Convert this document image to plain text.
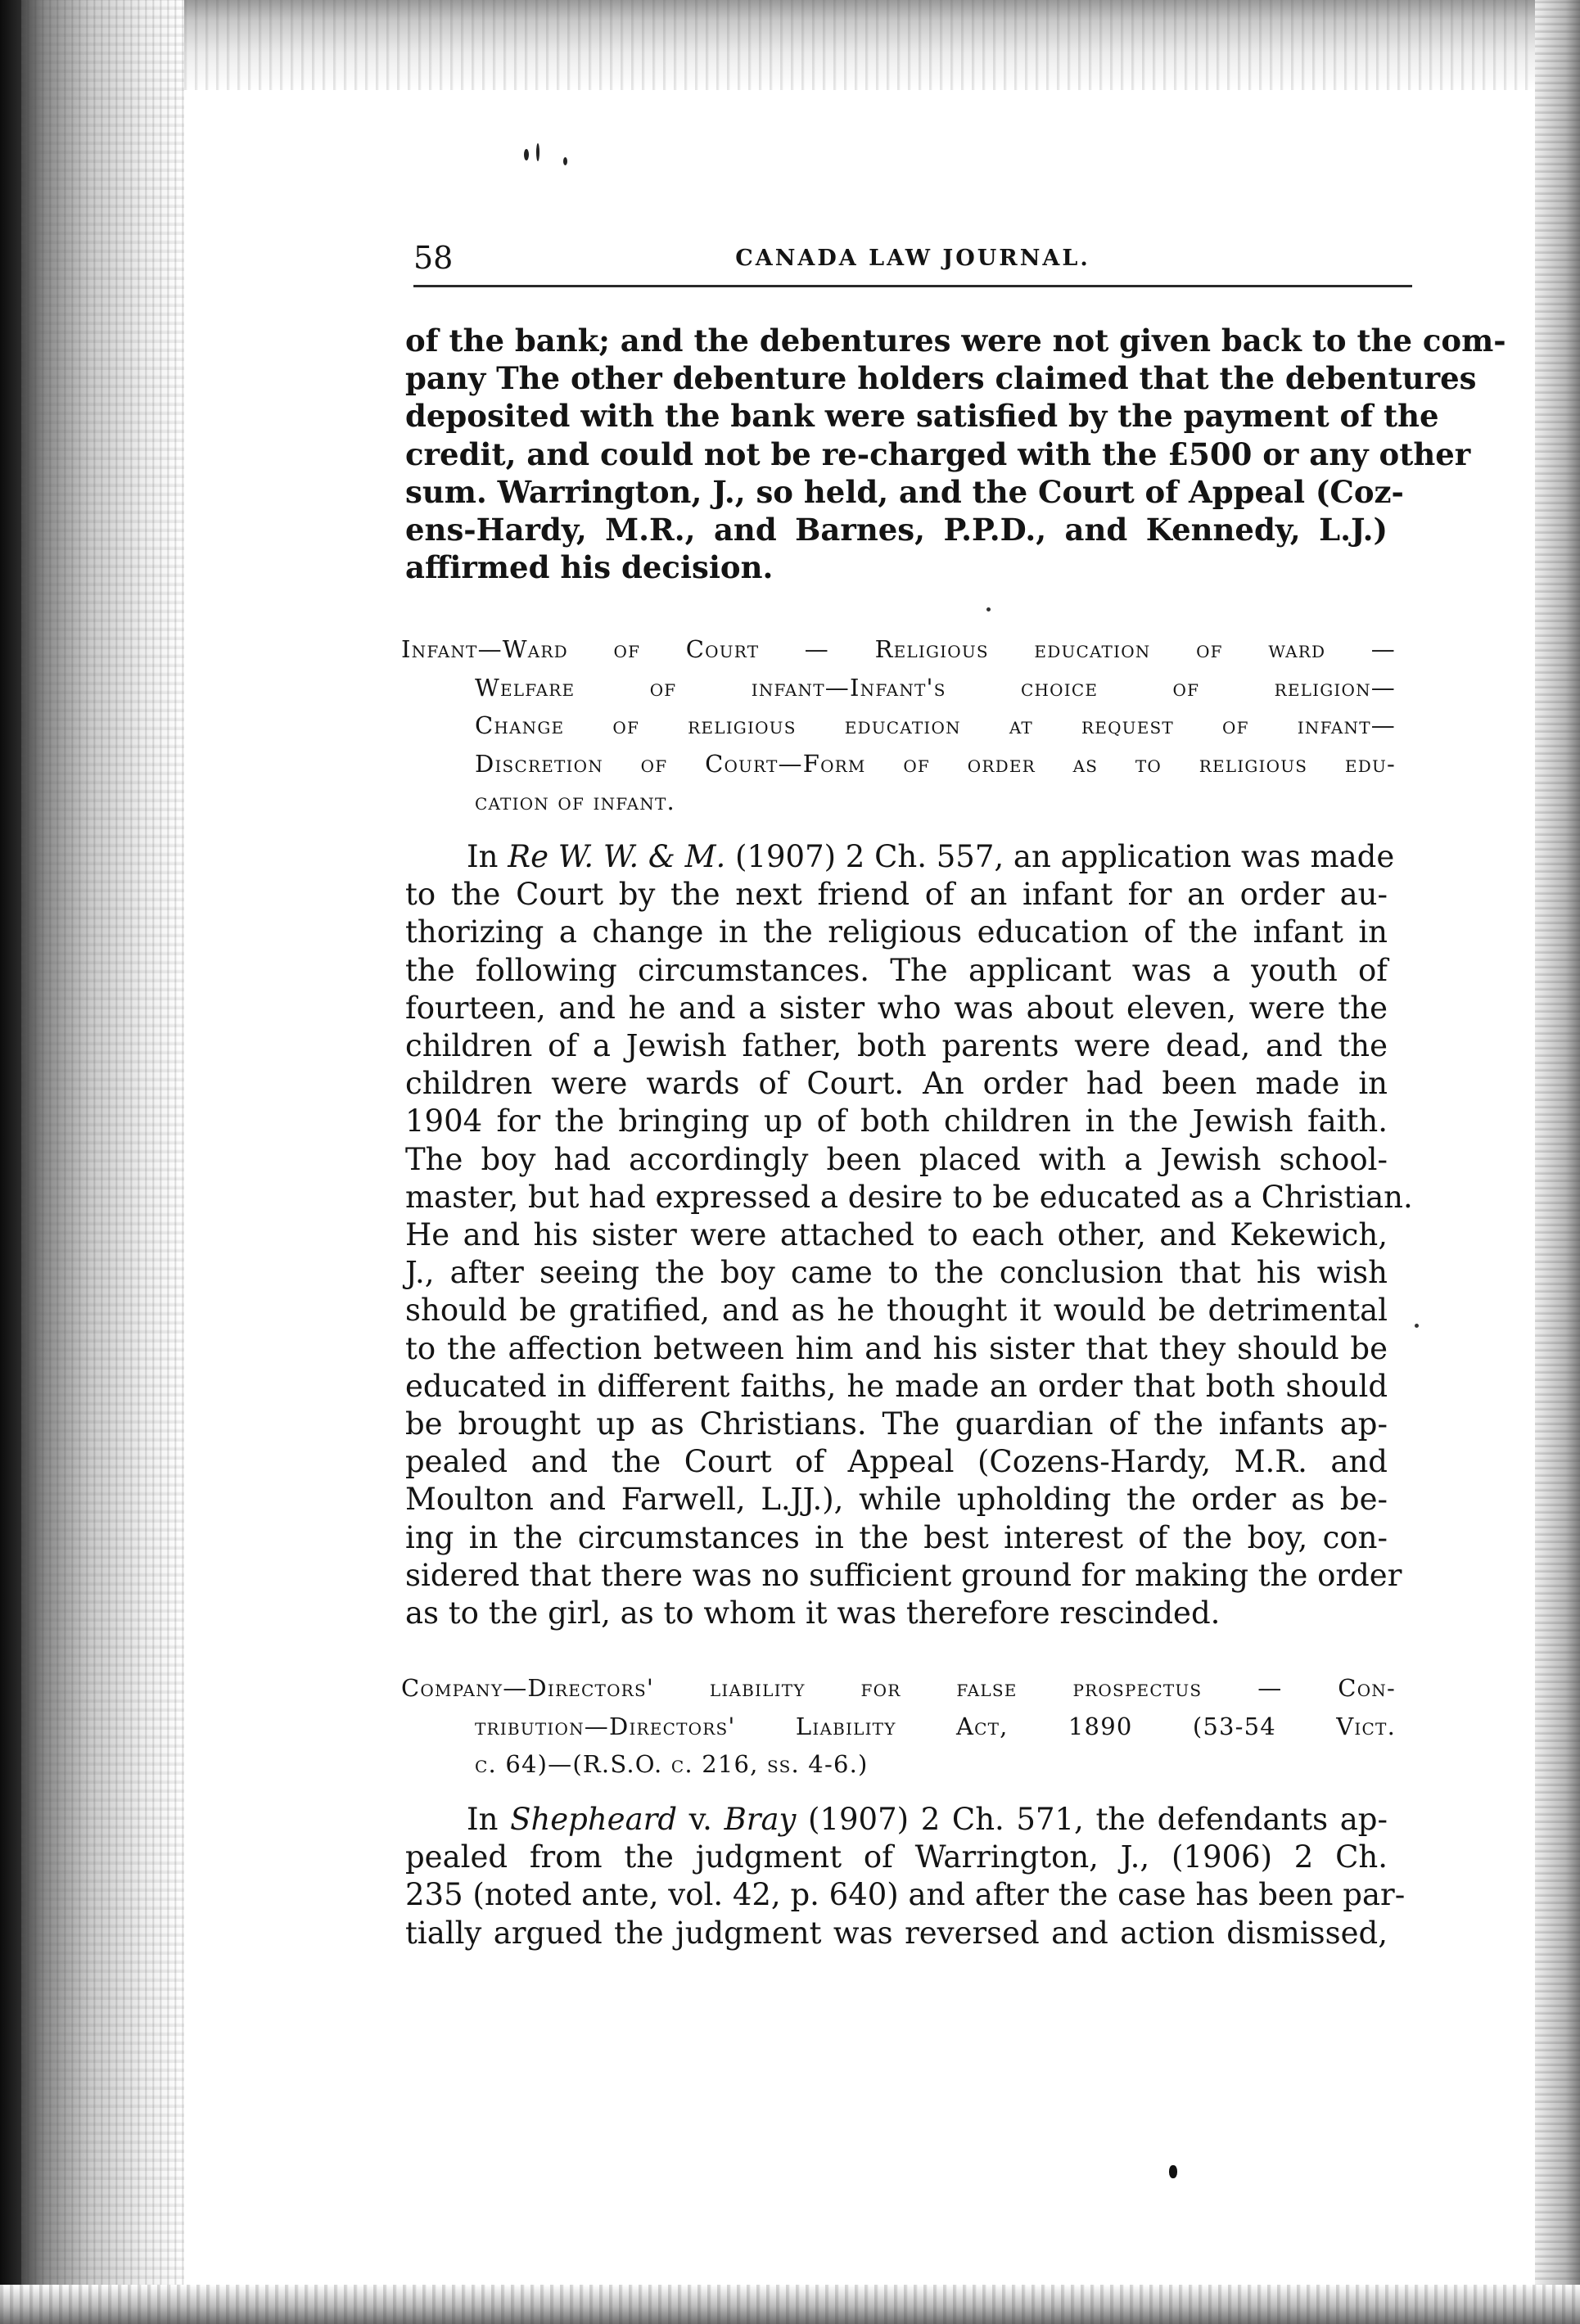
58	CANADA LAW JOURNAL.
of the bank; and the debentures were not given back to the com-
pany The other debenture holders claimed that the debentures
deposited with the bank were satisfied by the payment of the
credit, and could not be re-charged with the £500 or any other
sum. Warrington, J., so held, and the Court of Appeal (Coz-
ens-Hardy, M.R., and Barnes, P.P.D., and Kennedy, L.J.)
affirmed his decision.
Infant—Ward of Court — Religious education of ward —
Welfare of infant—Infant's choice of religion—
Change of religious education at request of infant—
Discretion of Court—Form of order as to religious edu-
cation of infant.
In Re W. W. & M. (1907) 2 Ch. 557, an application was made
to the Court by the next friend of an infant for an order au-
thorizing a change in the religious education of the infant in
the following circumstances. The applicant was a youth of
fourteen, and he and a sister who was about eleven, were the
children of a Jewish father, both parents were dead, and the
children were wards of Court. An order had been made in
1904 for the bringing up of both children in the Jewish faith.
The boy had accordingly been placed with a Jewish school-
master, but had expressed a desire to be educated as a Christian.
He and his sister were attached to each other, and Kekewich,
J., after seeing the boy came to the conclusion that his wish
should be gratified, and as he thought it would be detrimental
to the affection between him and his sister that they should be
educated in different faiths, he made an order that both should
be brought up as Christians. The guardian of the infants ap-
pealed and the Court of Appeal (Cozens-Hardy, M.R. and
Moulton and Farwell, L.JJ.), while upholding the order as be-
ing in the circumstances in the best interest of the boy, con-
sidered that there was no sufficient ground for making the order
as to the girl, as to whom it was therefore rescinded.
Company—Directors' liability for false prospectus — Con-
tribution—Directors' Liability Act, 1890 (53-54 Vict.
c. 64)—(R.S.O. c. 216, ss. 4-6.)
In Shepheard v. Bray (1907) 2 Ch. 571, the defendants ap-
pealed from the judgment of Warrington, J., (1906) 2 Ch.
235 (noted ante, vol. 42, p. 640) and after the case has been par-
tially argued the judgment was reversed and action dismissed,
